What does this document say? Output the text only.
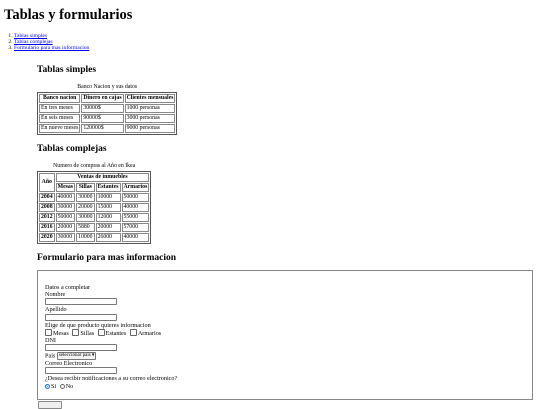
Tablas y formularios
1. Tablas simples
2. Tablas complejas
3. Formulario para mas informacion
Tablas simples
Banco Nacion y sus datos
Banco nacion	Dinero en cajas	Clientes mensuales
En tres meses	30000$	1000 personas
En seis meses	90000$	3000 personas
En nueve meses	120000$	9000 personas
Tablas complejas
Numero de compras al Año en Ikea
Año	Ventas de inmuebles			
	Mesas	Sillas	Estantes	Armarios
2004	40000	30000	10000	50000
2008	30000	20000	15000	40000
2012	50000	30000	12000	55000
2016	20000	5880	20000	57000
2020	30000	10000	26000	40000
Formulario para mas informacion
Datos a completar
Nombre
Apellido
Elige de que producto quieres informacion
Mesas Sillas Estantes Armarios
DNI
País seleccionar pais ▾
Correo Electronico
¿Desea recibir notificaciones a su correo electronico?
Si No
